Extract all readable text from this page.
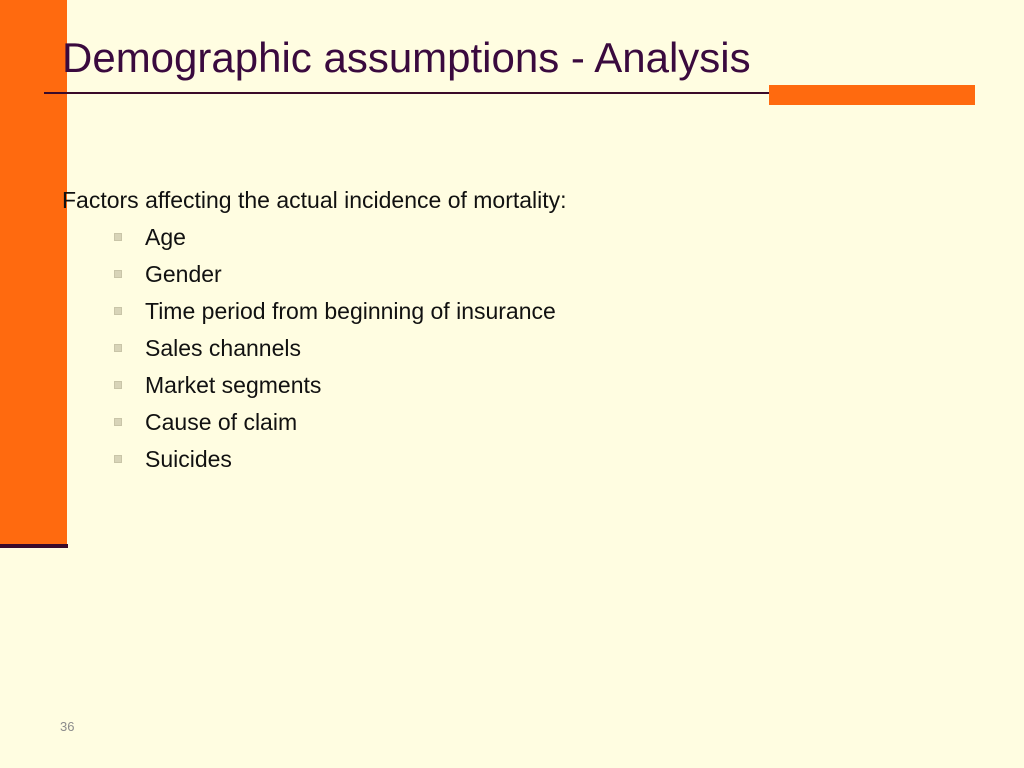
Demographic assumptions - Analysis
Factors affecting the actual incidence of mortality:
Age
Gender
Time period from beginning of insurance
Sales channels
Market segments
Cause of claim
Suicides
36
